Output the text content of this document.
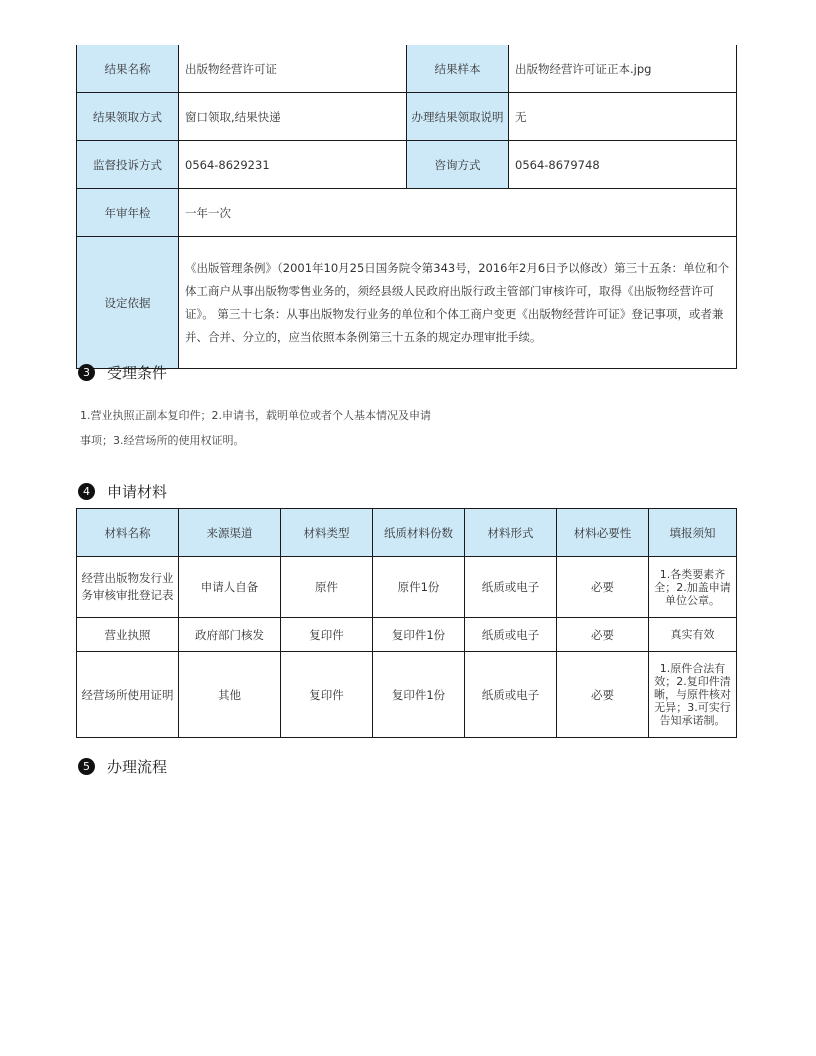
结果名称	出版物经营许可证	结果样本	出版物经营许可证正本.jpg
结果领取方式	窗口领取,结果快递	办理结果领取说明	无
监督投诉方式	0564-8629231	咨询方式	0564-8679748
年审年检	一年一次		
设定依据	《出版管理条例》（2001年10月25日国务院令第343号，2016年2月6日予以修改）第三十五条：单位和个体工商户从事出版物零售业务的，须经县级人民政府出版行政主管部门审核许可，取得《出版物经营许可证》。 第三十七条：从事出版物发行业务的单位和个体工商户变更《出版物经营许可证》登记事项，或者兼并、合并、分立的，应当依照本条例第三十五条的规定办理审批手续。		
3 受理条件
1.营业执照正副本复印件；2.申请书，载明单位或者个人基本情况及申请
事项；3.经营场所的使用权证明。
4 申请材料
材料名称	来源渠道	材料类型	纸质材料份数	材料形式	材料必要性	填报须知
经营出版物发行业务审核审批登记表	申请人自备	原件	原件1份	纸质或电子	必要	1.各类要素齐全；2.加盖申请单位公章。
营业执照	政府部门核发	复印件	复印件1份	纸质或电子	必要	真实有效
经营场所使用证明	其他	复印件	复印件1份	纸质或电子	必要	1.原件合法有效；2.复印件清晰，与原件核对无异；3.可实行告知承诺制。
5 办理流程
